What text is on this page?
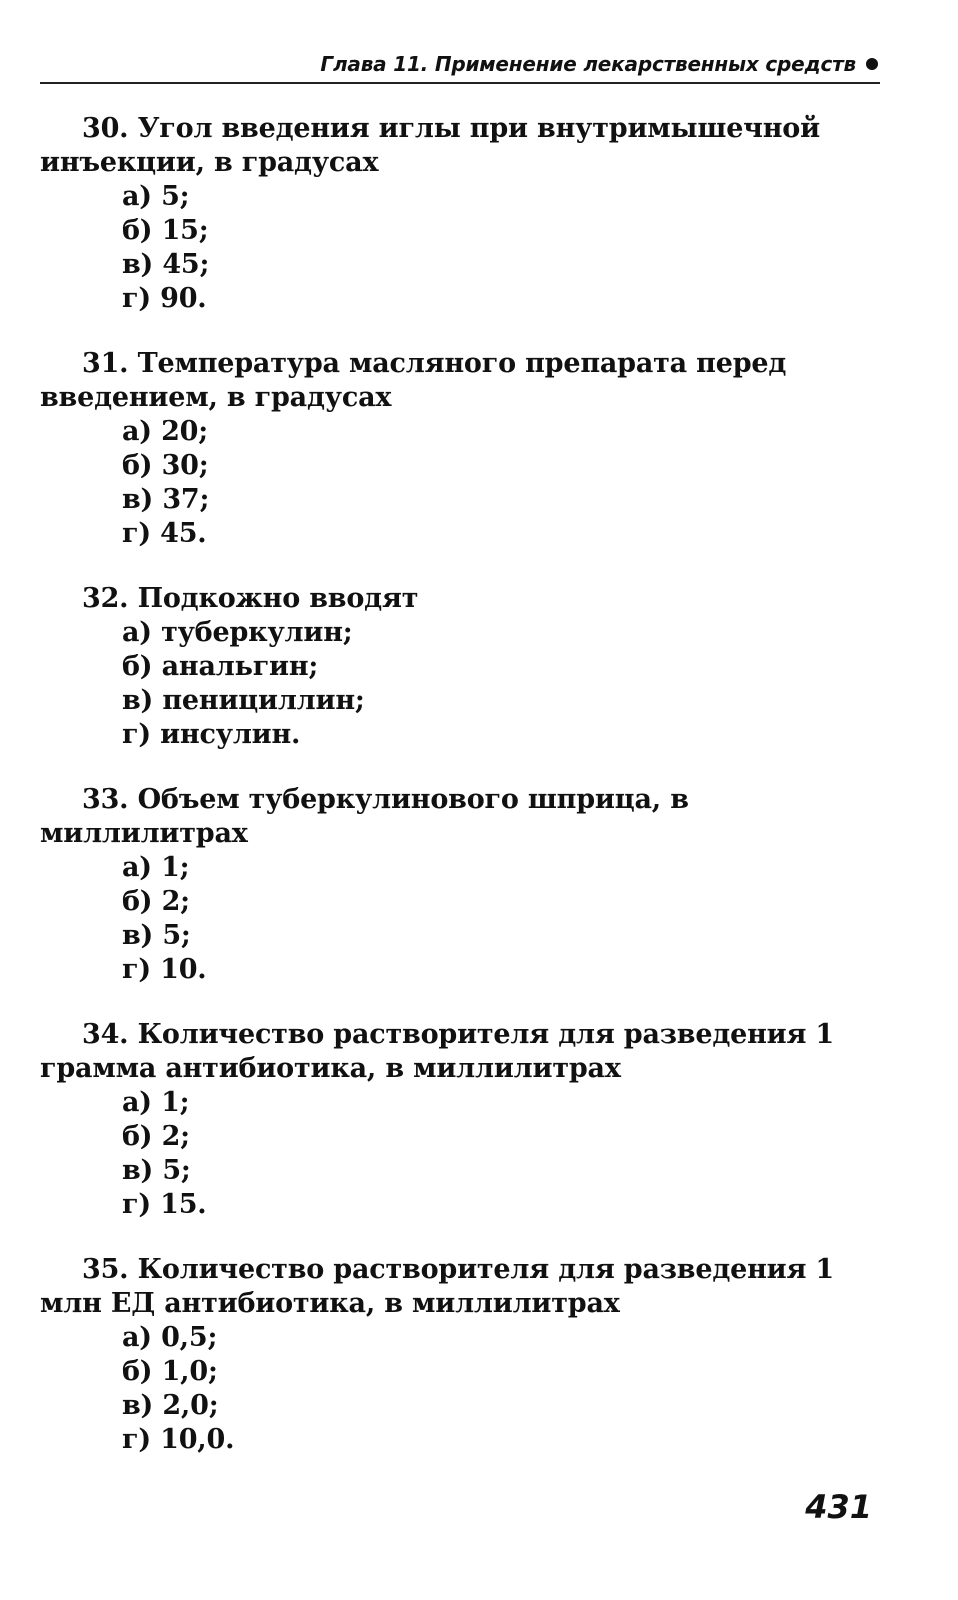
Глава 11. Применение лекарственных средств

30. Угол введения иглы при внутримышечной инъекции, в градусах

а) 5;
б) 15;
в) 45;
г) 90.

31. Температура масляного препарата перед введением, в градусах

а) 20;
б) 30;
в) 37;
г) 45.

32. Подкожно вводят

а) туберкулин;
б) анальгин;
в) пенициллин;
г) инсулин.

33. Объем туберкулинового шприца, в миллилитрах

а) 1;
б) 2;
в) 5;
г) 10.

34. Количество растворителя для разведения 1 грамма антибиотика, в миллилитрах

а) 1;
б) 2;
в) 5;
г) 15.

35. Количество растворителя для разведения 1 млн ЕД антибиотика, в миллилитрах

а) 0,5;
б) 1,0;
в) 2,0;
г) 10,0.
431
